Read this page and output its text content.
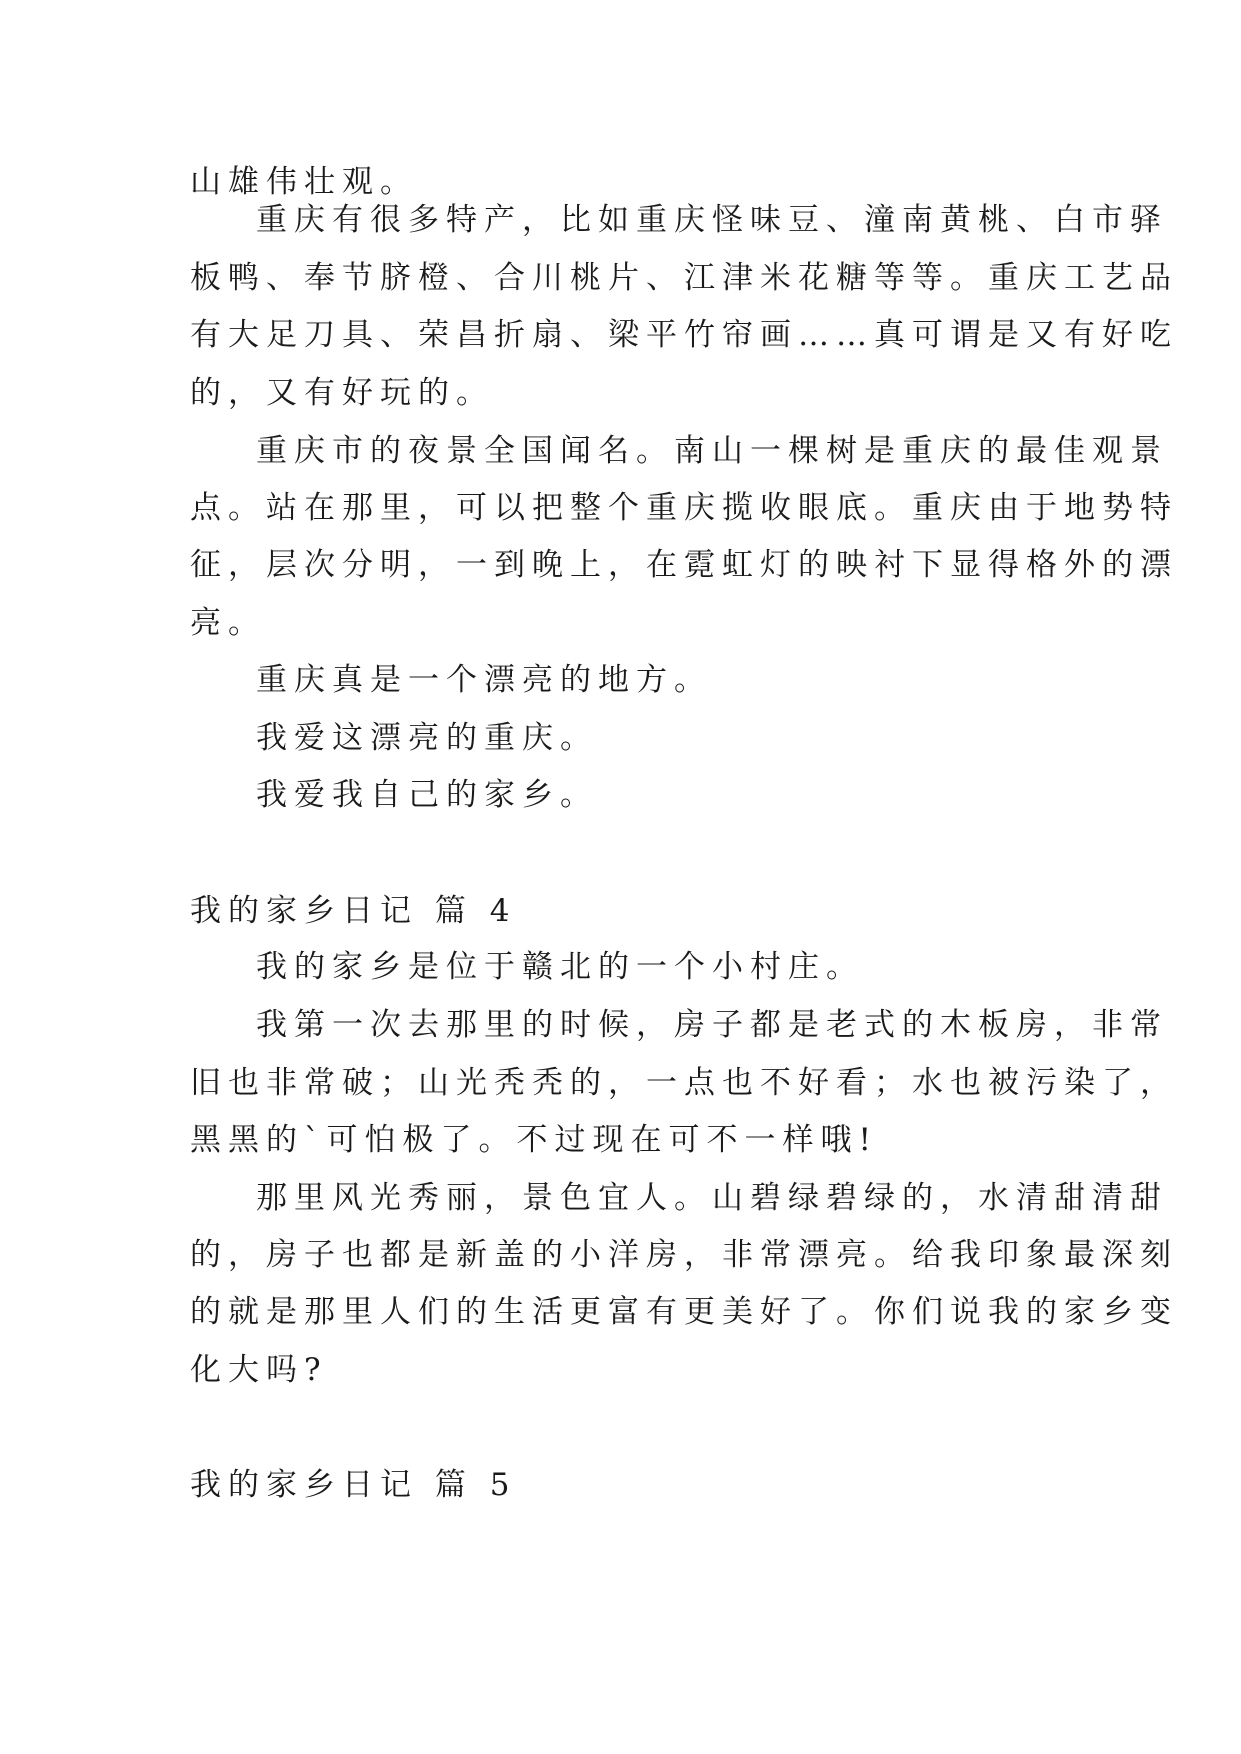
山雄伟壮观。

重庆有很多特产，比如重庆怪味豆、潼南黄桃、白市驿

板鸭、奉节脐橙、合川桃片、江津米花糖等等。重庆工艺品

有大足刀具、荣昌折扇、梁平竹帘画……真可谓是又有好吃

的，又有好玩的。

重庆市的夜景全国闻名。南山一棵树是重庆的最佳观景

点。站在那里，可以把整个重庆揽收眼底。重庆由于地势特

征，层次分明，一到晚上，在霓虹灯的映衬下显得格外的漂

亮。

重庆真是一个漂亮的地方。

我爱这漂亮的重庆。

我爱我自己的家乡。

我的家乡日记 篇 4

我的家乡是位于赣北的一个小村庄。

我第一次去那里的时候，房子都是老式的木板房，非常

旧也非常破；山光秃秃的，一点也不好看；水也被污染了，

黑黑的`可怕极了。不过现在可不一样哦!

那里风光秀丽，景色宜人。山碧绿碧绿的，水清甜清甜

的，房子也都是新盖的小洋房，非常漂亮。给我印象最深刻

的就是那里人们的生活更富有更美好了。你们说我的家乡变

化大吗?

我的家乡日记 篇 5
